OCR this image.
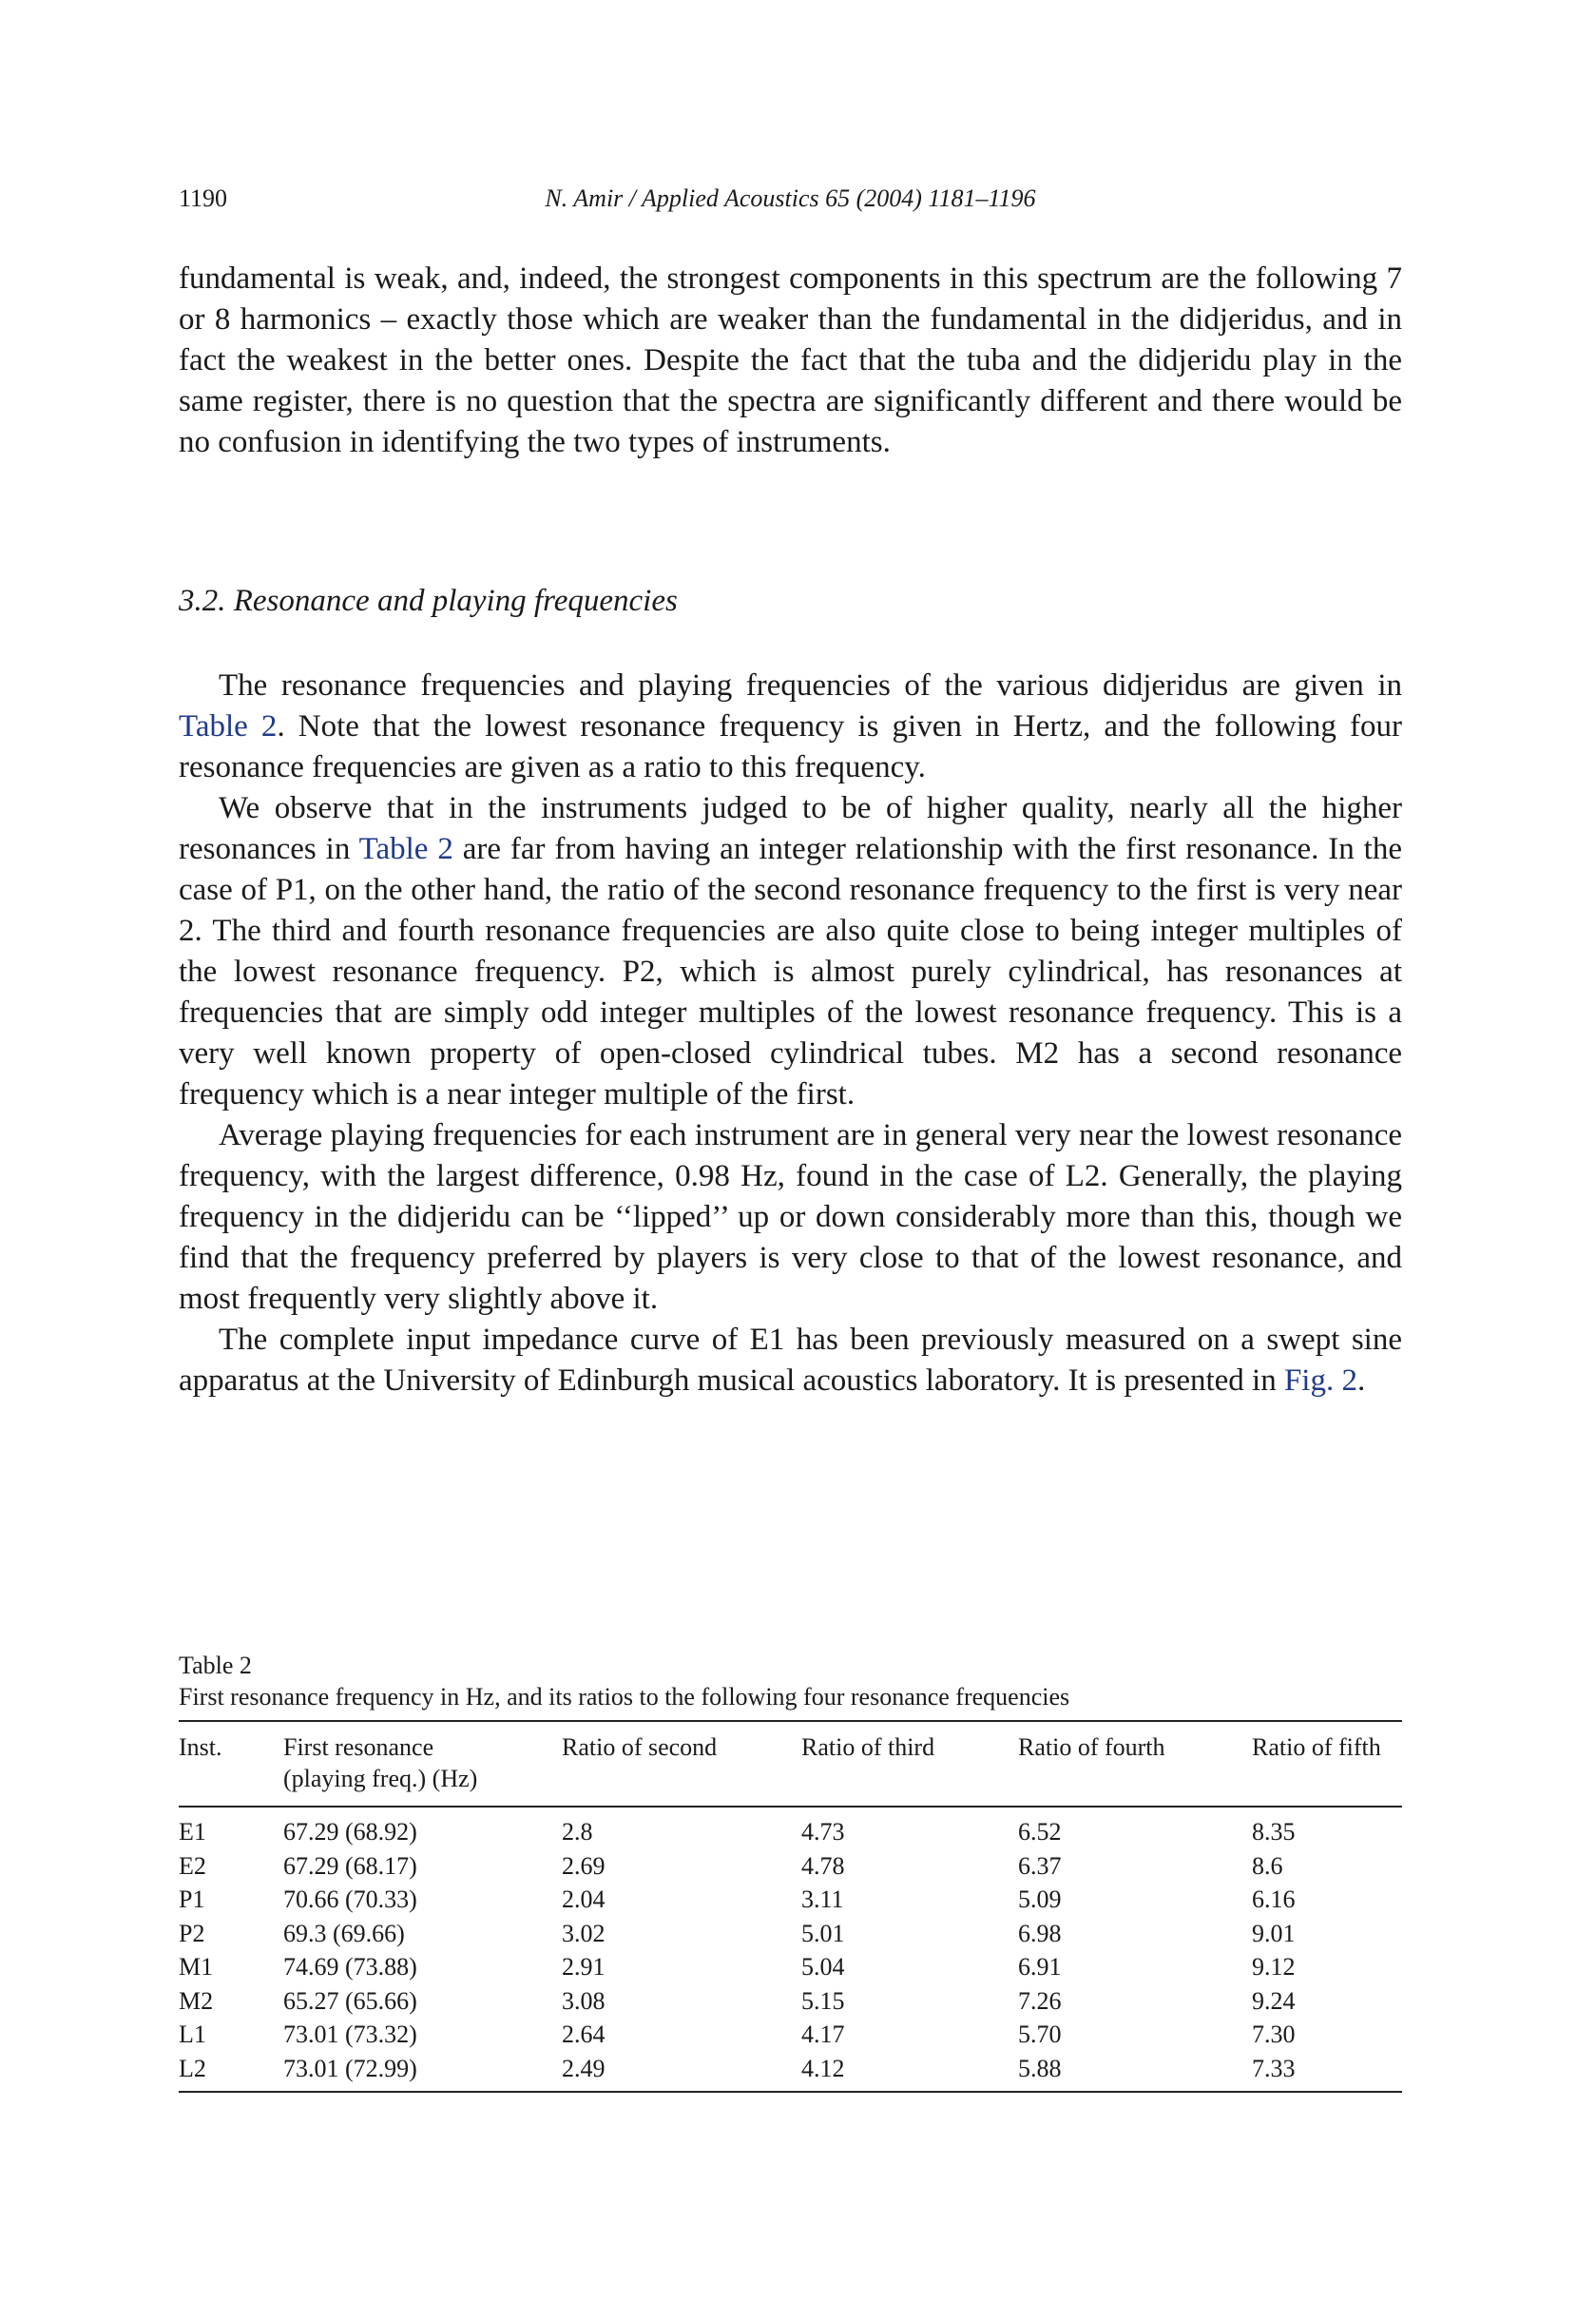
1190	N. Amir / Applied Acoustics 65 (2004) 1181–1196

fundamental is weak, and, indeed, the strongest components in this spectrum are the following 7 or 8 harmonics – exactly those which are weaker than the fundamental in the didjeridus, and in fact the weakest in the better ones. Despite the fact that the tuba and the didjeridu play in the same register, there is no question that the spectra are significantly different and there would be no confusion in identifying the two types of instruments.

3.2. Resonance and playing frequencies

The resonance frequencies and playing frequencies of the various didjeridus are given in Table 2. Note that the lowest resonance frequency is given in Hertz, and the following four resonance frequencies are given as a ratio to this frequency.

We observe that in the instruments judged to be of higher quality, nearly all the higher resonances in Table 2 are far from having an integer relationship with the first resonance. In the case of P1, on the other hand, the ratio of the second resonance frequency to the first is very near 2. The third and fourth resonance frequencies are also quite close to being integer multiples of the lowest resonance frequency. P2, which is almost purely cylindrical, has resonances at frequencies that are simply odd integer multiples of the lowest resonance frequency. This is a very well known property of open-closed cylindrical tubes. M2 has a second resonance frequency which is a near integer multiple of the first.

Average playing frequencies for each instrument are in general very near the lowest resonance frequency, with the largest difference, 0.98 Hz, found in the case of L2. Generally, the playing frequency in the didjeridu can be ‘‘lipped’’ up or down considerably more than this, though we find that the frequency preferred by players is very close to that of the lowest resonance, and most frequently very slightly above it.

The complete input impedance curve of E1 has been previously measured on a swept sine apparatus at the University of Edinburgh musical acoustics laboratory. It is presented in Fig. 2.

Table 2
First resonance frequency in Hz, and its ratios to the following four resonance frequencies
Inst.	First resonance
(playing freq.) (Hz)	Ratio of second	Ratio of third	Ratio of fourth	Ratio of fifth
E1	67.29 (68.92)	2.8	4.73	6.52	8.35
E2	67.29 (68.17)	2.69	4.78	6.37	8.6
P1	70.66 (70.33)	2.04	3.11	5.09	6.16
P2	69.3 (69.66)	3.02	5.01	6.98	9.01
M1	74.69 (73.88)	2.91	5.04	6.91	9.12
M2	65.27 (65.66)	3.08	5.15	7.26	9.24
L1	73.01 (73.32)	2.64	4.17	5.70	7.30
L2	73.01 (72.99)	2.49	4.12	5.88	7.33
